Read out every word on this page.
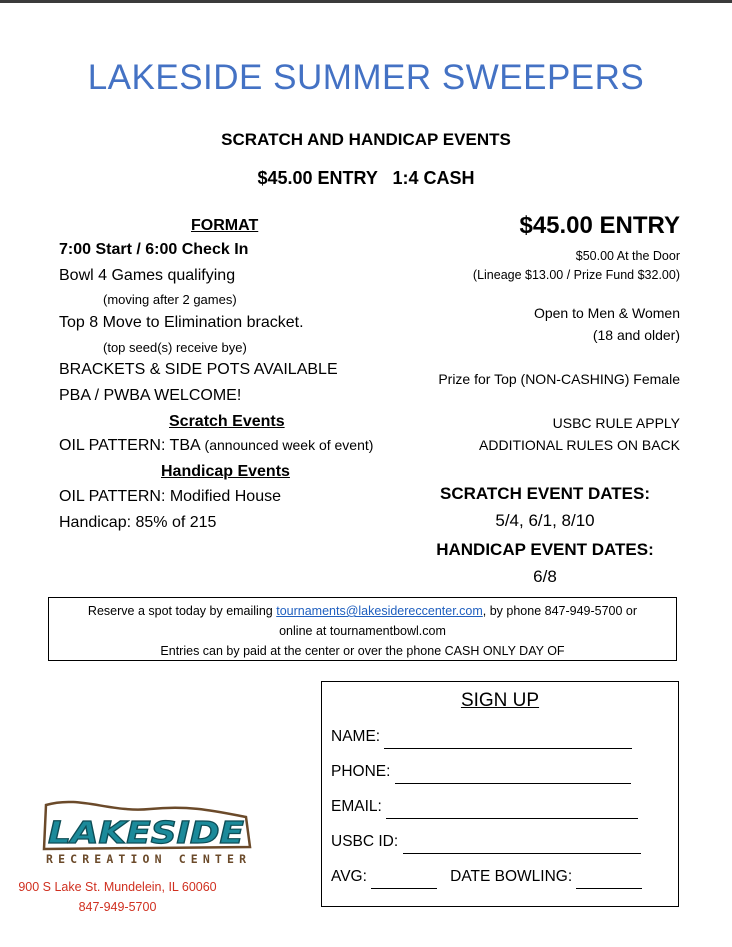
LAKESIDE SUMMER SWEEPERS
SCRATCH AND HANDICAP EVENTS
$45.00 ENTRY   1:4 CASH
FORMAT
7:00 Start / 6:00 Check In
Bowl 4 Games qualifying
(moving after 2 games)
Top 8 Move to Elimination bracket.
(top seed(s) receive bye)
BRACKETS & SIDE POTS AVAILABLE
PBA / PWBA WELCOME!
Scratch Events
OIL PATTERN: TBA (announced week of event)
Handicap Events
OIL PATTERN: Modified House
Handicap: 85% of 215
$45.00 ENTRY
$50.00 At the Door
(Lineage $13.00 / Prize Fund $32.00)
Open to Men & Women
(18 and older)
Prize for Top (NON-CASHING) Female
USBC RULE APPLY
ADDITIONAL RULES ON BACK
SCRATCH EVENT DATES:
5/4, 6/1, 8/10
HANDICAP EVENT DATES:
6/8
Reserve a spot today by emailing tournaments@lakesidereccenter.com, by phone 847-949-5700 or
online at tournamentbowl.com
Entries can by paid at the center or over the phone CASH ONLY DAY OF
SIGN UP
NAME:
PHONE:
EMAIL:
USBC ID:
AVG:	DATE BOWLING:
LAKESIDE
RECREATION CENTER
900 S Lake St. Mundelein, IL 60060
847-949-5700
